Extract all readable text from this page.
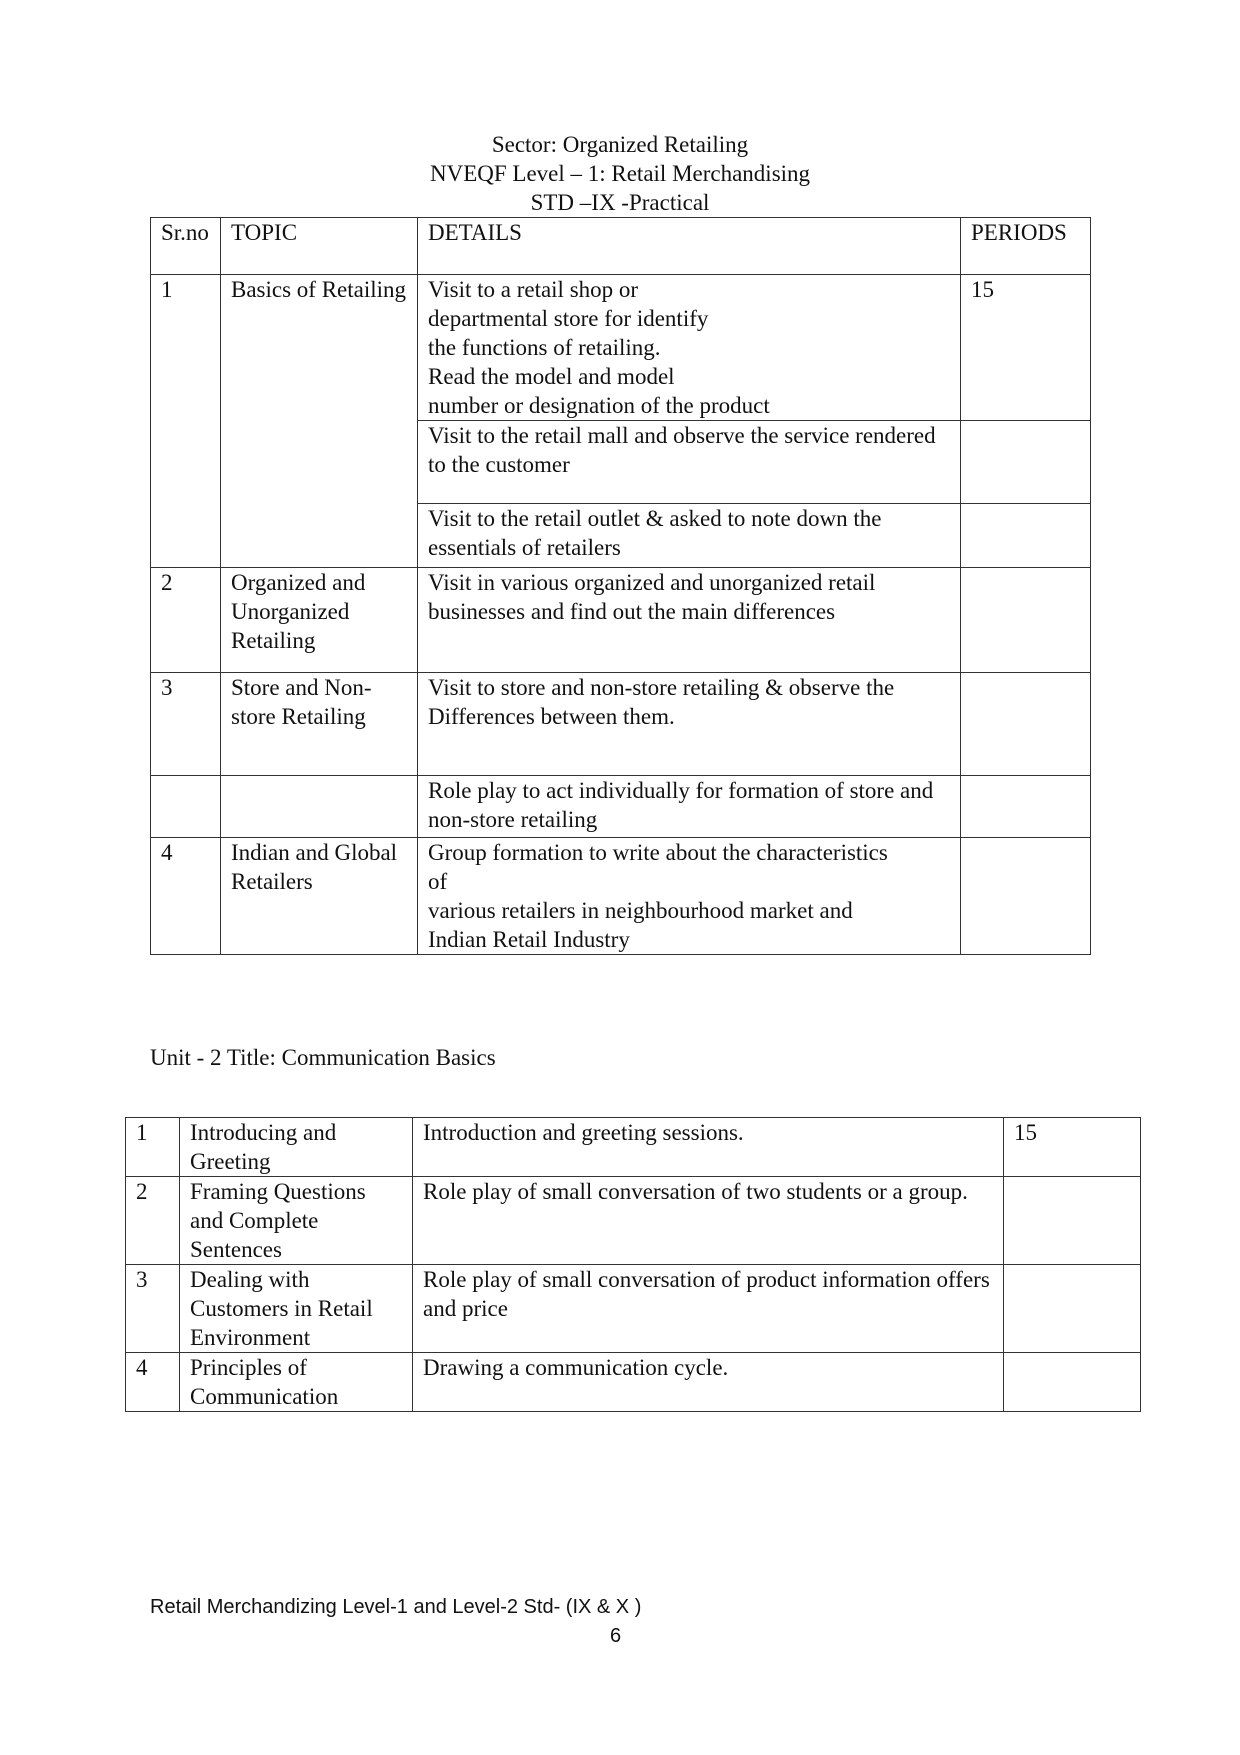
Sector: Organized Retailing
NVEQF Level – 1: Retail Merchandising
STD –IX -Practical
Sr.no	TOPIC	DETAILS	PERIODS
1	Basics of Retailing	Visit to a retail shop or
departmental store for identify
the functions of retailing.
Read the model and model
number or designation of the product	15
		Visit to the retail mall and observe the service rendered to the customer	
		Visit to the retail outlet & asked to note down the essentials of retailers	
2	Organized and Unorganized Retailing	Visit in various organized and unorganized retail businesses and find out the main differences	
3	Store and Non-store Retailing	Visit to store and non-store retailing & observe the Differences between them.	
		Role play to act individually for formation of store and non-store retailing	
4	Indian and Global Retailers	Group formation to write about the characteristics
of
various retailers in neighbourhood market and
Indian Retail Industry	

Unit - 2 Title: Communication Basics
1	Introducing and Greeting	Introduction and greeting sessions.	15
2	Framing Questions and Complete Sentences	Role play of small conversation of two students or a group.	
3	Dealing with Customers in Retail Environment	Role play of small conversation of product information offers and price	
4	Principles of Communication	Drawing a communication cycle.	
Retail Merchandizing Level-1 and Level-2 Std- (IX & X )
6
